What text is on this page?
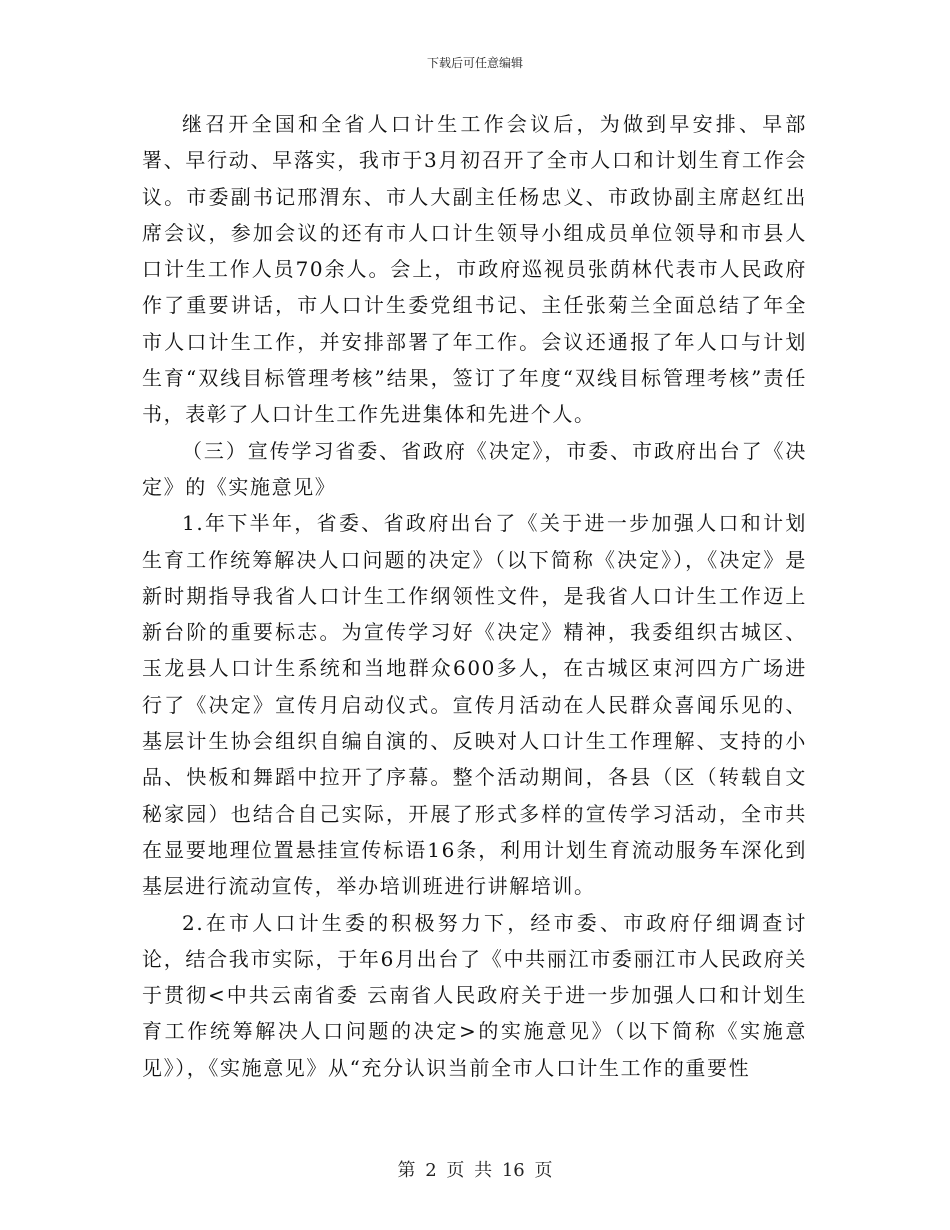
下载后可任意编辑

继召开全国和全省人口计生工作会议后，为做到早安排、早部署、早行动、早落实，我市于3月初召开了全市人口和计划生育工作会议。市委副书记邢渭东、市人大副主任杨忠义、市政协副主席赵红出席会议，参加会议的还有市人口计生领导小组成员单位领导和市县人口计生工作人员70余人。会上，市政府巡视员张荫林代表市人民政府作了重要讲话，市人口计生委党组书记、主任张菊兰全面总结了年全市人口计生工作，并安排部署了年工作。会议还通报了年人口与计划生育“双线目标管理考核”结果，签订了年度“双线目标管理考核”责任书，表彰了人口计生工作先进集体和先进个人。

（三）宣传学习省委、省政府《决定》，市委、市政府出台了《决定》的《实施意见》

1.年下半年，省委、省政府出台了《关于进一步加强人口和计划生育工作统筹解决人口问题的决定》（以下简称《决定》），《决定》是新时期指导我省人口计生工作纲领性文件，是我省人口计生工作迈上新台阶的重要标志。为宣传学习好《决定》精神，我委组织古城区、玉龙县人口计生系统和当地群众600多人，在古城区束河四方广场进行了《决定》宣传月启动仪式。宣传月活动在人民群众喜闻乐见的、基层计生协会组织自编自演的、反映对人口计生工作理解、支持的小品、快板和舞蹈中拉开了序幕。整个活动期间，各县（区（转载自文秘家园）也结合自己实际，开展了形式多样的宣传学习活动，全市共在显要地理位置悬挂宣传标语16条，利用计划生育流动服务车深化到基层进行流动宣传，举办培训班进行讲解培训。

2.在市人口计生委的积极努力下，经市委、市政府仔细调查讨论，结合我市实际，于年6月出台了《中共丽江市委丽江市人民政府关于贯彻<中共云南省委 云南省人民政府关于进一步加强人口和计划生育工作统筹解决人口问题的决定>的实施意见》（以下简称《实施意见》），《实施意见》从“充分认识当前全市人口计生工作的重要性

第 2 页 共 16 页
